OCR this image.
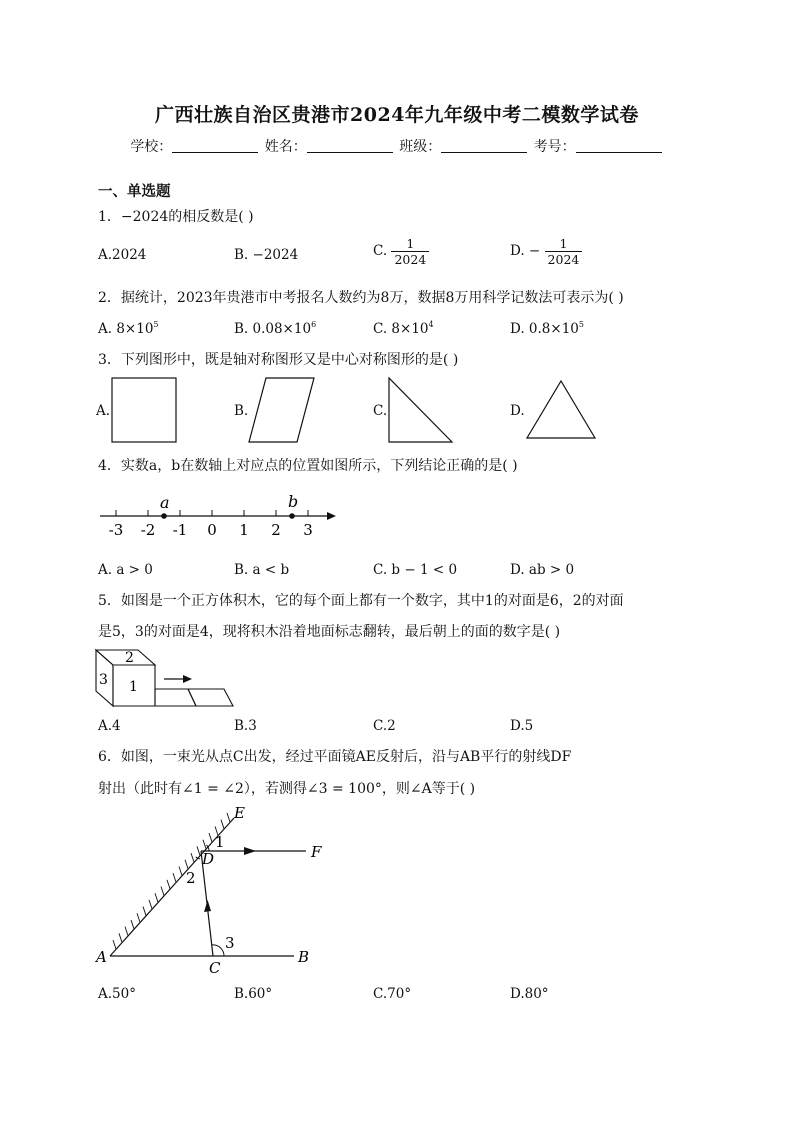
广西壮族自治区贵港市2024年九年级中考二模数学试卷
学校：	姓名：	班级：	考号：
一、单选题
1．−2024的相反数是( )
A.2024	B. −2024	C. $\frac{1}{2024}$	D. − $\frac{1}{2024}$
2．据统计，2023年贵港市中考报名人数约为8万，数据8万用科学记数法可表示为( )
A. $8\times 10^5$	B. $0.08\times 10^6$	C. $8\times 10^4$	D. $0.8\times 10^5$
3．下列图形中，既是轴对称图形又是中心对称图形的是( )
A.	B.	C.	D.
4．实数a，b在数轴上对应点的位置如图所示，下列结论正确的是( )
-3 -2 -1 0 1 2 3
a	b
A. a > 0	B. a < b	C. b − 1 < 0	D. ab > 0
5．如图是一个正方体积木，它的每个面上都有一个数字，其中1的对面是6，2的对面
是5，3的对面是4，现将积木沿着地面标志翻转，最后朝上的面的数字是( )
2
3 1
A.4	B.3	C.2	D.5
6．如图，一束光从点C出发，经过平面镜AE反射后，沿与AB平行的射线DF
射出（此时有∠1 = ∠2），若测得∠3 = 100°，则∠A等于( )
E
F
D
A	B
C
1
2
3
A.50°	B.60°	C.70°	D.80°
